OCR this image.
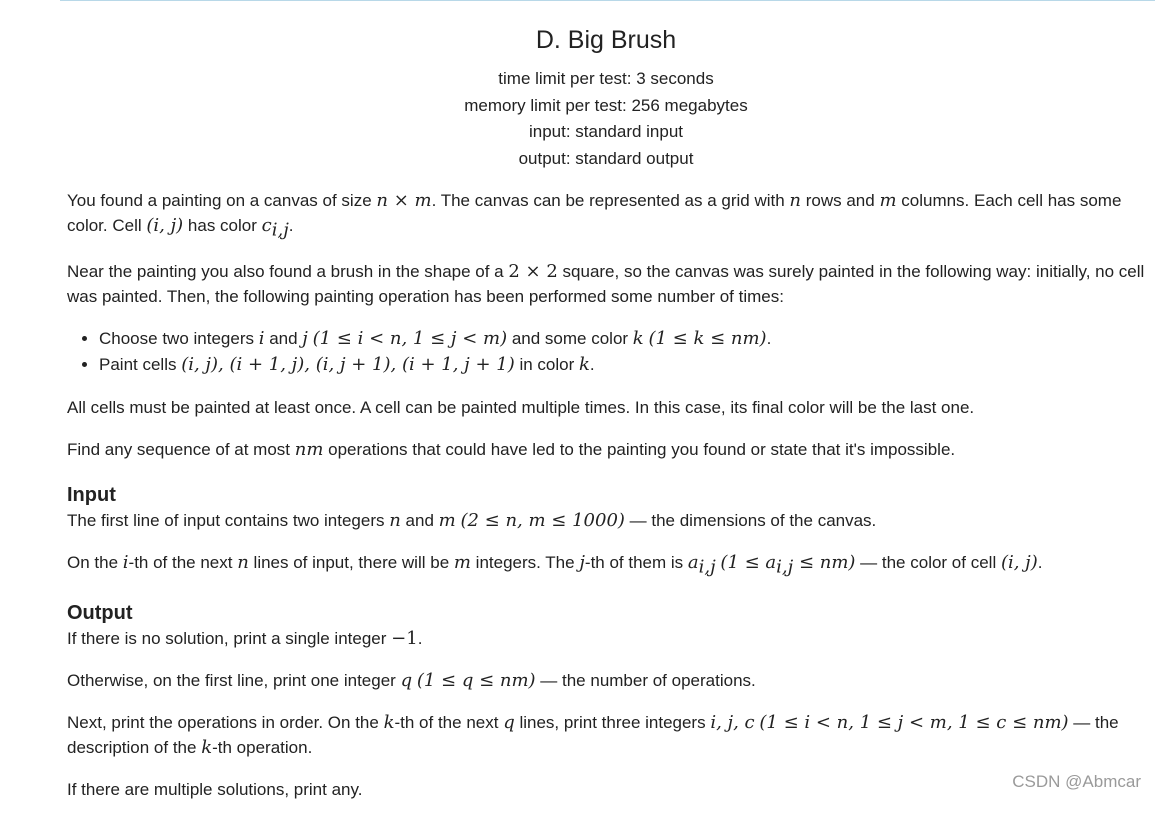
D. Big Brush
time limit per test: 3 seconds
memory limit per test: 256 megabytes
input: standard input
output: standard output

You found a painting on a canvas of size n × m. The canvas can be represented as a grid with n rows and m columns. Each cell has some color. Cell (i, j) has color $c_{i,j}$.

Near the painting you also found a brush in the shape of a 2 × 2 square, so the canvas was surely painted in the following way: initially, no cell was painted. Then, the following painting operation has been performed some number of times:

• Choose two integers i and j (1 ≤ i < n, 1 ≤ j < m) and some color k (1 ≤ k ≤ nm).
• Paint cells (i, j), (i + 1, j), (i, j + 1), (i + 1, j + 1) in color k.

All cells must be painted at least once. A cell can be painted multiple times. In this case, its final color will be the last one.

Find any sequence of at most nm operations that could have led to the painting you found or state that it's impossible.

Input

The first line of input contains two integers n and m (2 ≤ n, m ≤ 1000) — the dimensions of the canvas.

On the i-th of the next n lines of input, there will be m integers. The j-th of them is $a_{i,j}$ $(1 \le a_{i,j} \le nm)$ — the color of cell (i, j).

Output

If there is no solution, print a single integer −1.

Otherwise, on the first line, print one integer q (1 ≤ q ≤ nm) — the number of operations.

Next, print the operations in order. On the k-th of the next q lines, print three integers i, j, c (1 ≤ i < n, 1 ≤ j < m, 1 ≤ c ≤ nm) — the description of the k-th operation.

If there are multiple solutions, print any.	CSDN @Abmcar
